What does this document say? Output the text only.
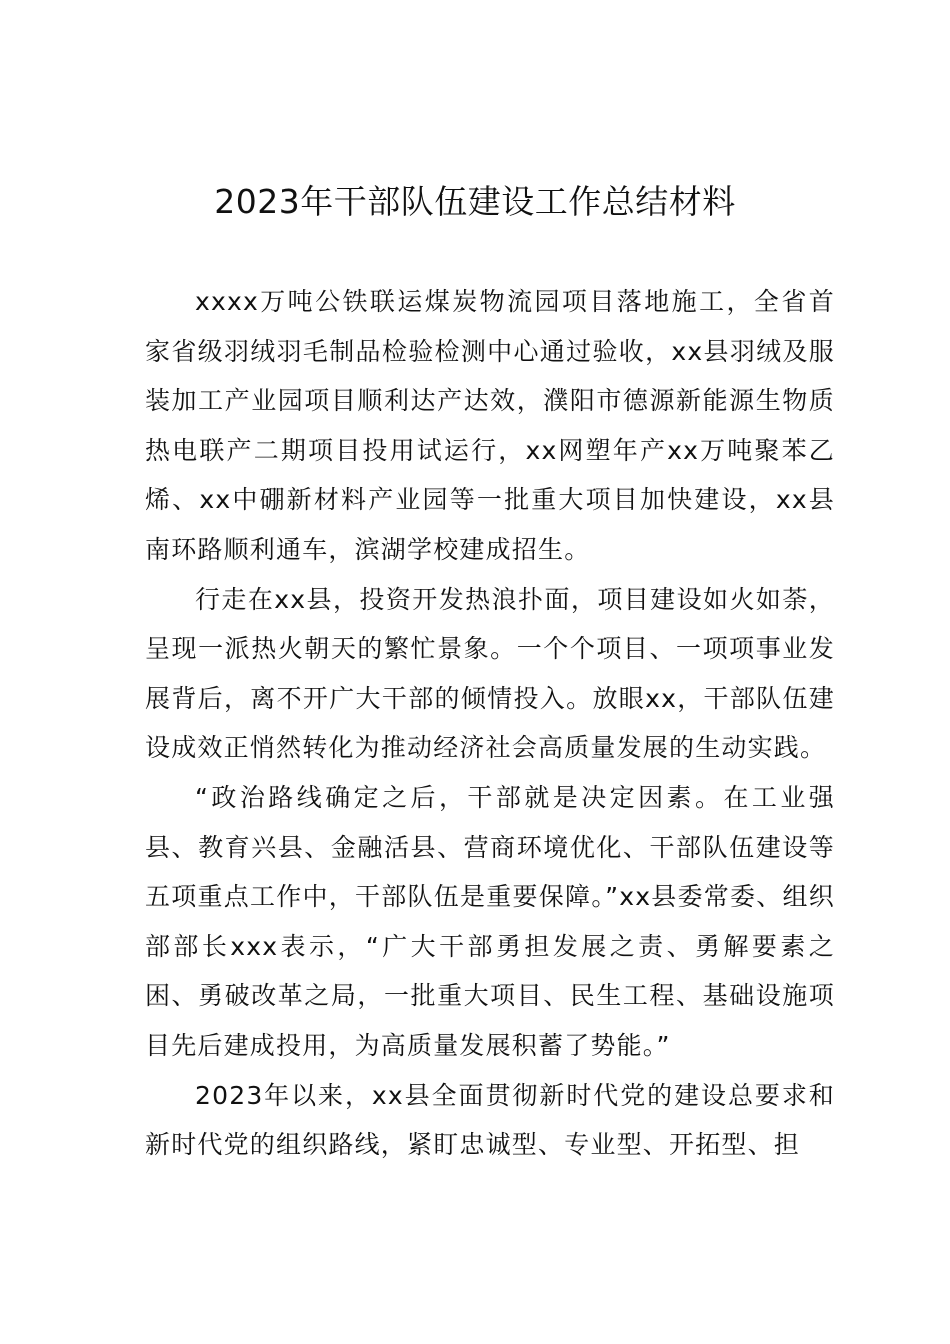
2023年干部队伍建设工作总结材料

xxxx万吨公铁联运煤炭物流园项目落地施工，全省首家省级羽绒羽毛制品检验检测中心通过验收，xx县羽绒及服装加工产业园项目顺利达产达效，濮阳市德源新能源生物质热电联产二期项目投用试运行，xx网塑年产xx万吨聚苯乙烯、xx中硼新材料产业园等一批重大项目加快建设，xx县南环路顺利通车，滨湖学校建成招生。

行走在xx县，投资开发热浪扑面，项目建设如火如荼，呈现一派热火朝天的繁忙景象。一个个项目、一项项事业发展背后，离不开广大干部的倾情投入。放眼xx，干部队伍建设成效正悄然转化为推动经济社会高质量发展的生动实践。

“政治路线确定之后，干部就是决定因素。在工业强县、教育兴县、金融活县、营商环境优化、干部队伍建设等五项重点工作中，干部队伍是重要保障。”xx县委常委、组织部部长xxx表示，“广大干部勇担发展之责、勇解要素之困、勇破改革之局，一批重大项目、民生工程、基础设施项目先后建成投用，为高质量发展积蓄了势能。”

2023年以来，xx县全面贯彻新时代党的建设总要求和新时代党的组织路线，紧盯忠诚型、专业型、开拓型、担
